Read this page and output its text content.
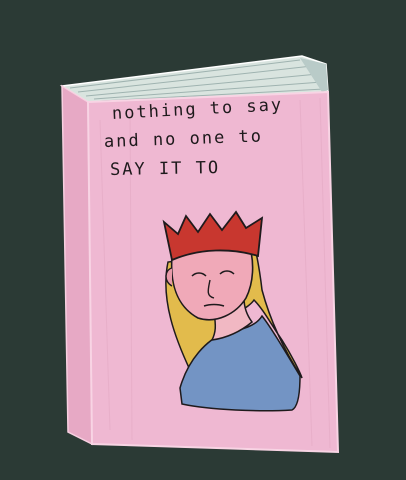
nothing to say
and no one to
SAY IT TO
